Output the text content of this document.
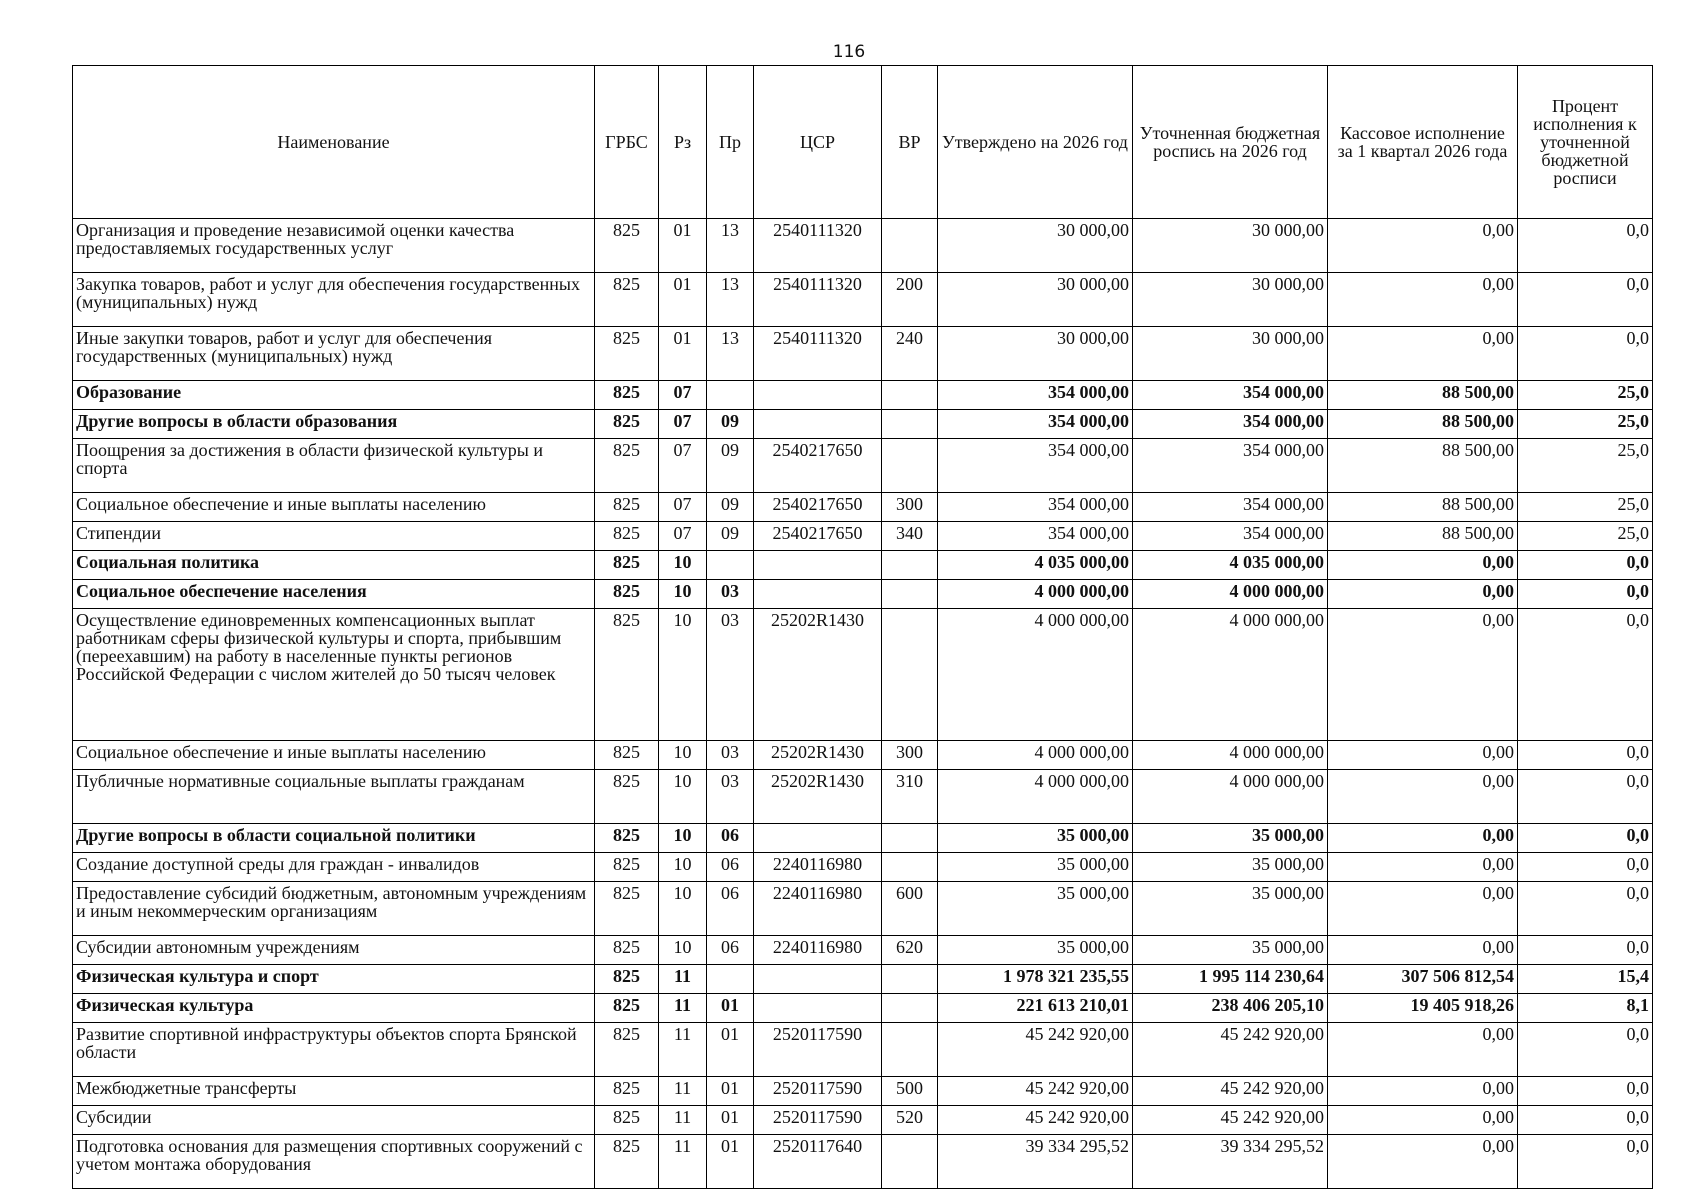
116
Наименование	ГРБС	Рз	Пр	ЦСР	ВР	Утверждено на 2026 год	Уточненная бюджетная роспись на 2026 год	Кассовое исполнение за 1 квартал 2026 года	Процент исполнения к уточненной бюджетной росписи
Организация и проведение независимой оценки качества предоставляемых государственных услуг	825	01	13	2540111320		30 000,00	30 000,00	0,00	0,0
Закупка товаров, работ и услуг для обеспечения государственных (муниципальных) нужд	825	01	13	2540111320	200	30 000,00	30 000,00	0,00	0,0
Иные закупки товаров, работ и услуг для обеспечения государственных (муниципальных) нужд	825	01	13	2540111320	240	30 000,00	30 000,00	0,00	0,0
Образование	825	07				354 000,00	354 000,00	88 500,00	25,0
Другие вопросы в области образования	825	07	09			354 000,00	354 000,00	88 500,00	25,0
Поощрения за достижения в области физической культуры и спорта	825	07	09	2540217650		354 000,00	354 000,00	88 500,00	25,0
Социальное обеспечение и иные выплаты населению	825	07	09	2540217650	300	354 000,00	354 000,00	88 500,00	25,0
Стипендии	825	07	09	2540217650	340	354 000,00	354 000,00	88 500,00	25,0
Социальная политика	825	10				4 035 000,00	4 035 000,00	0,00	0,0
Социальное обеспечение населения	825	10	03			4 000 000,00	4 000 000,00	0,00	0,0
Осуществление единовременных компенсационных выплат работникам сферы физической культуры и спорта, прибывшим (переехавшим) на работу в населенные пункты регионов Российской Федерации с числом жителей до 50 тысяч человек	825	10	03	25202R1430		4 000 000,00	4 000 000,00	0,00	0,0
Социальное обеспечение и иные выплаты населению	825	10	03	25202R1430	300	4 000 000,00	4 000 000,00	0,00	0,0
Публичные нормативные социальные выплаты гражданам	825	10	03	25202R1430	310	4 000 000,00	4 000 000,00	0,00	0,0
Другие вопросы в области социальной политики	825	10	06			35 000,00	35 000,00	0,00	0,0
Создание доступной среды для граждан - инвалидов	825	10	06	2240116980		35 000,00	35 000,00	0,00	0,0
Предоставление субсидий бюджетным, автономным учреждениям и иным некоммерческим организациям	825	10	06	2240116980	600	35 000,00	35 000,00	0,00	0,0
Субсидии автономным учреждениям	825	10	06	2240116980	620	35 000,00	35 000,00	0,00	0,0
Физическая культура и спорт	825	11				1 978 321 235,55	1 995 114 230,64	307 506 812,54	15,4
Физическая культура	825	11	01			221 613 210,01	238 406 205,10	19 405 918,26	8,1
Развитие спортивной инфраструктуры объектов спорта Брянской области	825	11	01	2520117590		45 242 920,00	45 242 920,00	0,00	0,0
Межбюджетные трансферты	825	11	01	2520117590	500	45 242 920,00	45 242 920,00	0,00	0,0
Субсидии	825	11	01	2520117590	520	45 242 920,00	45 242 920,00	0,00	0,0
Подготовка основания для размещения спортивных сооружений с учетом монтажа оборудования	825	11	01	2520117640		39 334 295,52	39 334 295,52	0,00	0,0
